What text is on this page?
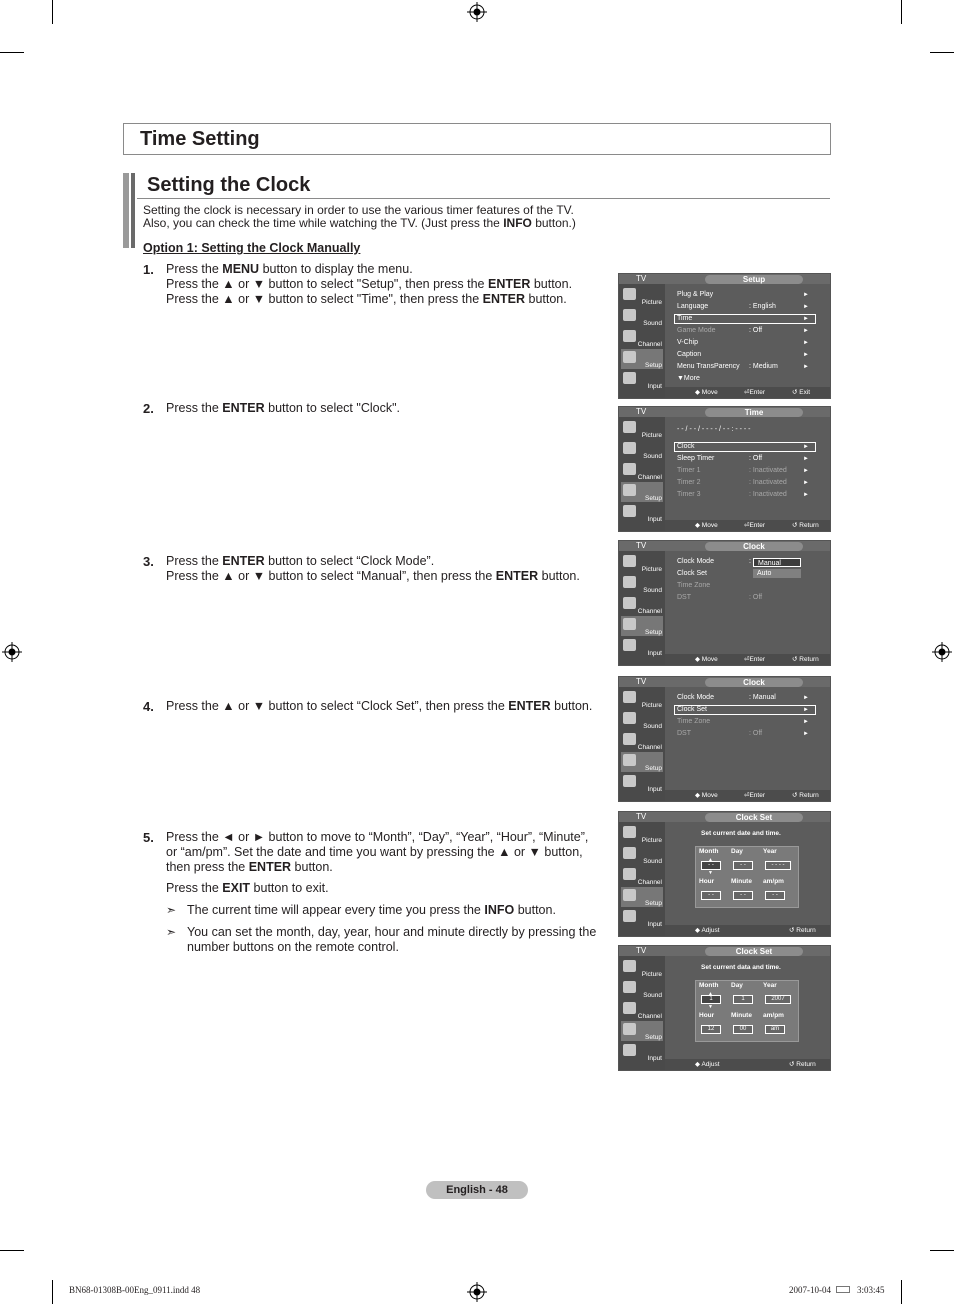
Time Setting
Setting the Clock
Setting the clock is necessary in order to use the various timer features of the TV.
Also, you can check the time while watching the TV. (Just press the INFO button.)
Option 1: Setting the Clock Manually
1. Press the MENU button to display the menu.
Press the ▲ or ▼ button to select "Setup", then press the ENTER button.
Press the ▲ or ▼ button to select "Time", then press the ENTER button.
2. Press the ENTER button to select "Clock".
3. Press the ENTER button to select “Clock Mode”.
Press the ▲ or ▼ button to select “Manual”, then press the ENTER button.
4. Press the ▲ or ▼ button to select “Clock Set”, then press the ENTER button.
5. Press the ◄ or ► button to move to “Month”, “Day”, “Year”, “Hour”, “Minute”, or “am/pm”. Set the date and time you want by pressing the ▲ or ▼ button, then press the ENTER button.
Press the EXIT button to exit.
➣ The current time will appear every time you press the INFO button.
➣ You can set the month, day, year, hour and minute directly by pressing the number buttons on the remote control.
TV	Setup
Picture
Sound
Channel
Setup
Input
◆ Move	⏎Enter	↺ Exit
Plug & Play	►
Language	: English	►
Time	►
Game Mode	: Off	►
V-Chip	►
Caption	►
Menu TransParency : Medium	►
▼More
TV	Time
Picture
Sound
Channel
Setup
Input
◆ Move	⏎Enter	↺ Return
- - / - - / - - - - / - - : - - - -
Clock	►
Sleep Timer	: Off	►
Timer 1	: Inactivated	►
Timer 2	: Inactivated	►
Timer 3	: Inactivated	►
TV	Clock
Picture
Sound
Channel
Setup
Input
◆ Move	⏎Enter	↺ Return
Clock Mode	:
Clock Set
Time Zone
DST	: Off
Manual
Auto
TV	Clock
Picture
Sound
Channel
Setup
Input
◆ Move	⏎Enter	↺ Return
Clock Mode	: Manual	►
Clock Set	►
Time Zone	►
DST	: Off	►
TV	Clock Set
Picture
Sound
Channel
Setup
Input
◆ Adjust	↺ Return
Set current date and time.
Month
- -
Day
- -
Year
- - - -
Hour
- -
Minute
- -
am/pm
- -
▲
▼
TV	Clock Set
Picture
Sound
Channel
Setup
Input
◆ Adjust	↺ Return
Set current data and time.
Month
1
Day
1
Year
2007
Hour
12
Minute
00
am/pm
am
▲
▼
English - 48
BN68-01308B-00Eng_0911.indd 48	2007-10-04	3:03:45
